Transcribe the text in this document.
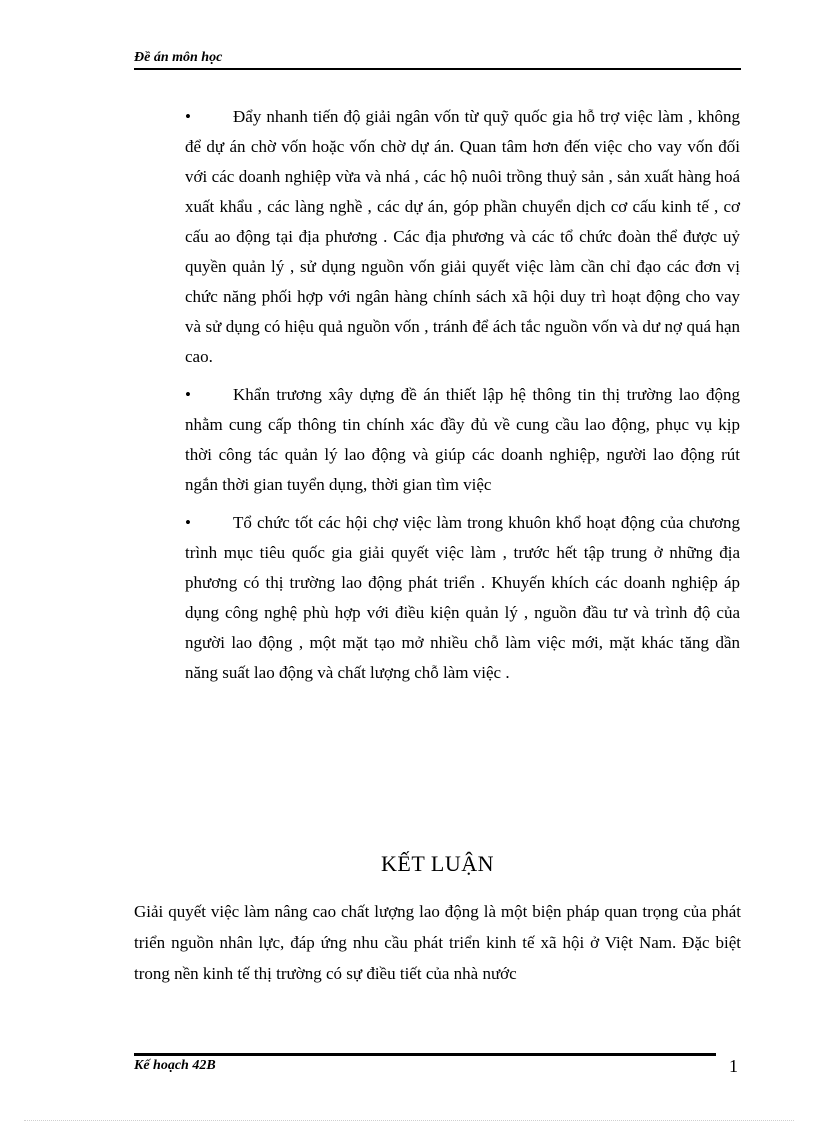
Đề án môn học
• Đẩy nhanh tiến độ giải ngân vốn từ quỹ quốc gia hỗ trợ việc làm , không để dự án chờ vốn hoặc vốn chờ dự án. Quan tâm hơn đến việc cho vay vốn đối với các doanh nghiệp vừa và nhá , các hộ nuôi trồng thuỷ sản , sản xuất hàng hoá xuất khẩu , các làng nghề , các dự án, góp phần chuyển dịch cơ cấu kinh tế , cơ cấu ao động tại địa phương . Các địa phương và các tổ chức đoàn thể được uỷ quyền quản lý , sử dụng nguồn vốn giải quyết việc làm cần chỉ đạo các đơn vị chức năng phối hợp với ngân hàng chính sách xã hội duy trì hoạt động cho vay và sử dụng có hiệu quả nguồn vốn , tránh để ách tắc nguồn vốn và dư nợ quá hạn cao.
• Khẩn trương xây dựng đề án thiết lập hệ thông tin thị trường lao động nhằm cung cấp thông tin chính xác đầy đủ về cung cầu lao động, phục vụ kịp thời công tác quản lý lao động và giúp các doanh nghiệp, người lao động rút ngắn thời gian tuyển dụng, thời gian tìm việc
• Tổ chức tốt các hội chợ việc làm trong khuôn khổ hoạt động của chương trình mục tiêu quốc gia giải quyết việc làm , trước hết tập trung ở những địa phương có thị trường lao động phát triển . Khuyến khích các doanh nghiệp áp dụng công nghệ phù hợp với điều kiện quản lý , nguồn đầu tư và trình độ của người lao động , một mặt tạo mở nhiều chỗ làm việc mới, mặt khác tăng dần năng suất lao động và chất lượng chỗ làm việc .
KẾT LUẬN

Giải quyết việc làm nâng cao chất lượng lao động là một biện pháp quan trọng của phát triển nguồn nhân lực, đáp ứng nhu cầu phát triển kinh tế xã hội ở Việt Nam. Đặc biệt trong nền kinh tế thị trường có sự điều tiết của nhà nước

Kế hoạch 42B	1
